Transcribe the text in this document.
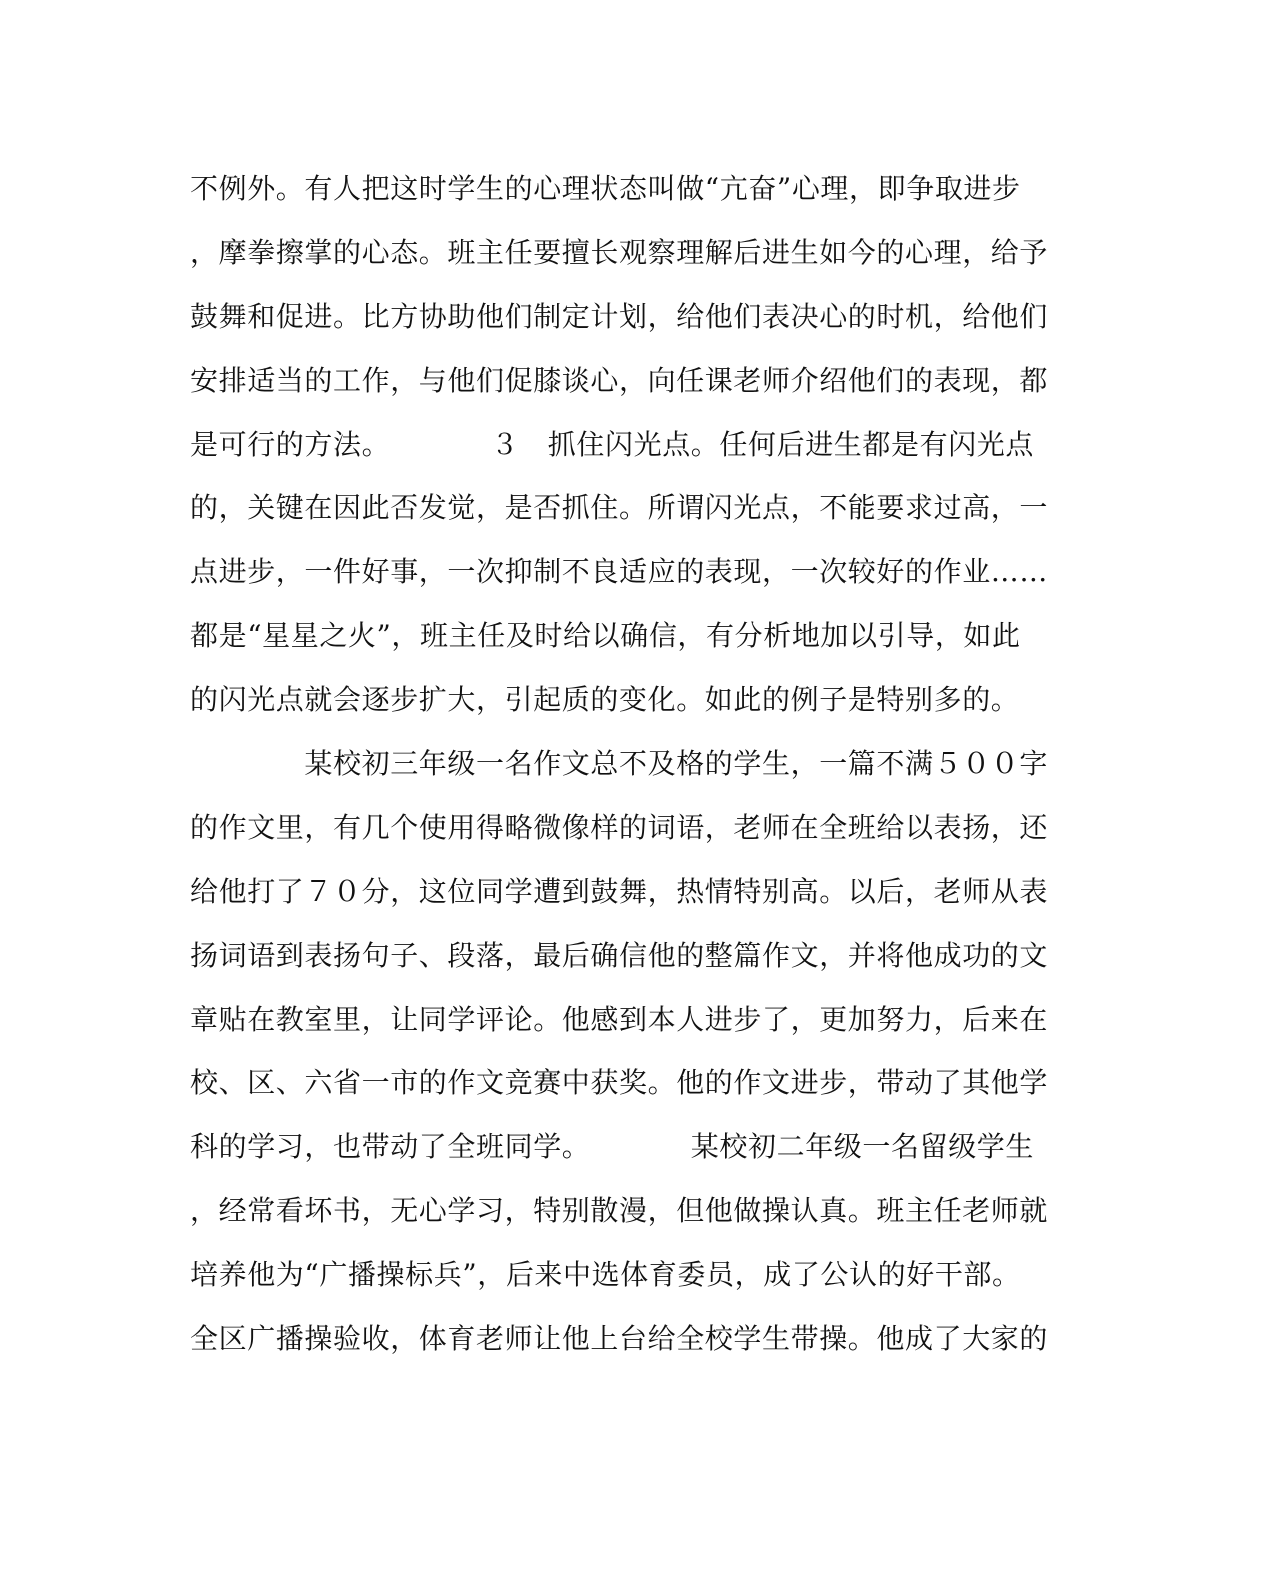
不例外。有人把这时学生的心理状态叫做“亢奋”心理，即争取进步
，摩拳擦掌的心态。班主任要擅长观察理解后进生如今的心理，给予
鼓舞和促进。比方协助他们制定计划，给他们表决心的时机，给他们
安排适当的工作，与他们促膝谈心，向任课老师介绍他们的表现，都
是可行的方法。　　　　３　抓住闪光点。任何后进生都是有闪光点
的，关键在因此否发觉，是否抓住。所谓闪光点，不能要求过高，一
点进步，一件好事，一次抑制不良适应的表现，一次较好的作业……
都是“星星之火”，班主任及时给以确信，有分析地加以引导，如此
的闪光点就会逐步扩大，引起质的变化。如此的例子是特别多的。
　　　　某校初三年级一名作文总不及格的学生，一篇不满５００字
的作文里，有几个使用得略微像样的词语，老师在全班给以表扬，还
给他打了７０分，这位同学遭到鼓舞，热情特别高。以后，老师从表
扬词语到表扬句子、段落，最后确信他的整篇作文，并将他成功的文
章贴在教室里，让同学评论。他感到本人进步了，更加努力，后来在
校、区、六省一市的作文竞赛中获奖。他的作文进步，带动了其他学
科的学习，也带动了全班同学。　　　　某校初二年级一名留级学生
，经常看坏书，无心学习，特别散漫，但他做操认真。班主任老师就
培养他为“广播操标兵”，后来中选体育委员，成了公认的好干部。
全区广播操验收，体育老师让他上台给全校学生带操。他成了大家的
